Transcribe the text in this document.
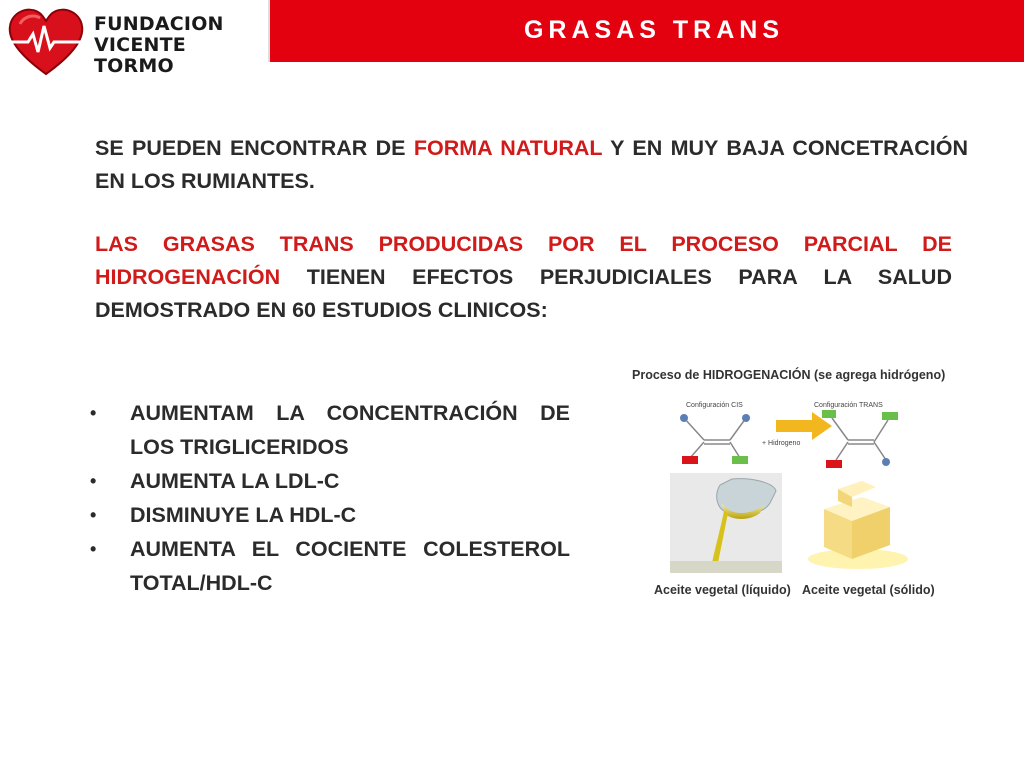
FUNDACION
VICENTE TORMO
GRASAS TRANS
SE PUEDEN ENCONTRAR DE FORMA NATURAL Y EN MUY BAJA CONCETRACIÓN EN LOS RUMIANTES.
LAS GRASAS TRANS PRODUCIDAS POR EL PROCESO PARCIAL DE HIDROGENACIÓN TIENEN EFECTOS PERJUDICIALES PARA LA SALUD DEMOSTRADO EN 60 ESTUDIOS CLINICOS:
•	AUMENTAM LA CONCENTRACIÓN DE LOS TRIGLICERIDOS
•	AUMENTA LA LDL-C
•	DISMINUYE LA HDL-C
•	AUMENTA EL COCIENTE COLESTEROL TOTAL/HDL-C
Proceso de HIDROGENACIÓN (se agrega hidrógeno)
Configuración CIS	Configuración TRANS
+ Hidrogeno
Aceite vegetal (líquido) Aceite vegetal (sólido)
